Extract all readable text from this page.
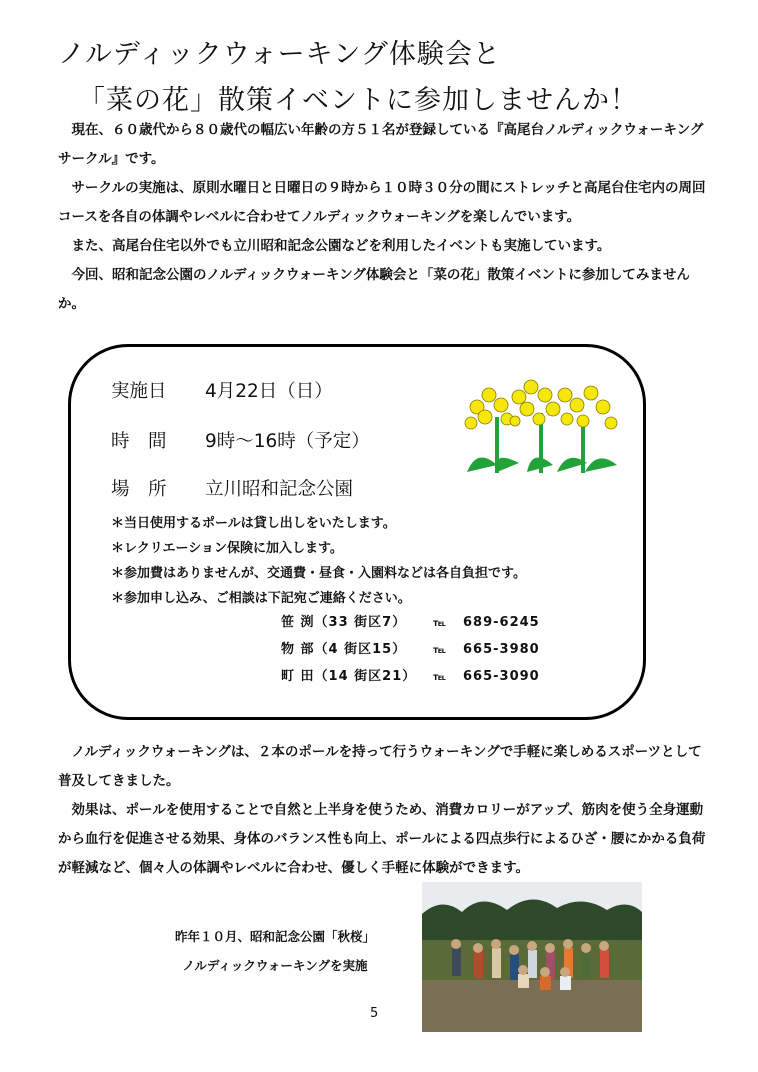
ノルディックウォーキング体験会と
「菜の花」散策イベントに参加しませんか！

　現在、６０歳代から８０歳代の幅広い年齢の方５１名が登録している『高尾台ノルディックウォーキングサークル』です。

　サークルの実施は、原則水曜日と日曜日の９時から１０時３０分の間にストレッチと高尾台住宅内の周回コースを各自の体調やレベルに合わせてノルディックウォーキングを楽しんでいます。

　また、高尾台住宅以外でも立川昭和記念公園などを利用したイベントも実施しています。

　今回、昭和記念公園のノルディックウォーキング体験会と「菜の花」散策イベントに参加してみませんか。

実施日 4月22日（日）
時　間 9時～16時（予定）
場　所 立川昭和記念公園
＊当日使用するポールは貸し出しをいたします。
＊レクリエーション保険に加入します。
＊参加費はありませんが、交通費・昼食・入園料などは各自負担です。
＊参加申し込み、ご相談は下記宛ご連絡ください。
笹 渕（33 街区7）	℡ 689-6245
物 部（4 街区15）	℡ 665-3980
町 田（14 街区21） ℡ 665-3090

　ノルディックウォーキングは、２本のポールを持って行うウォーキングで手軽に楽しめるスポーツとして普及してきました。

　効果は、ポールを使用することで自然と上半身を使うため、消費カロリーがアップ、筋肉を使う全身運動から血行を促進させる効果、身体のバランス性も向上、ポールによる四点歩行によるひざ・腰にかかる負荷が軽減など、個々人の体調やレベルに合わせ、優しく手軽に体験ができます。

昨年１０月、昭和記念公園「秋桜」
ノルディックウォーキングを実施
5
